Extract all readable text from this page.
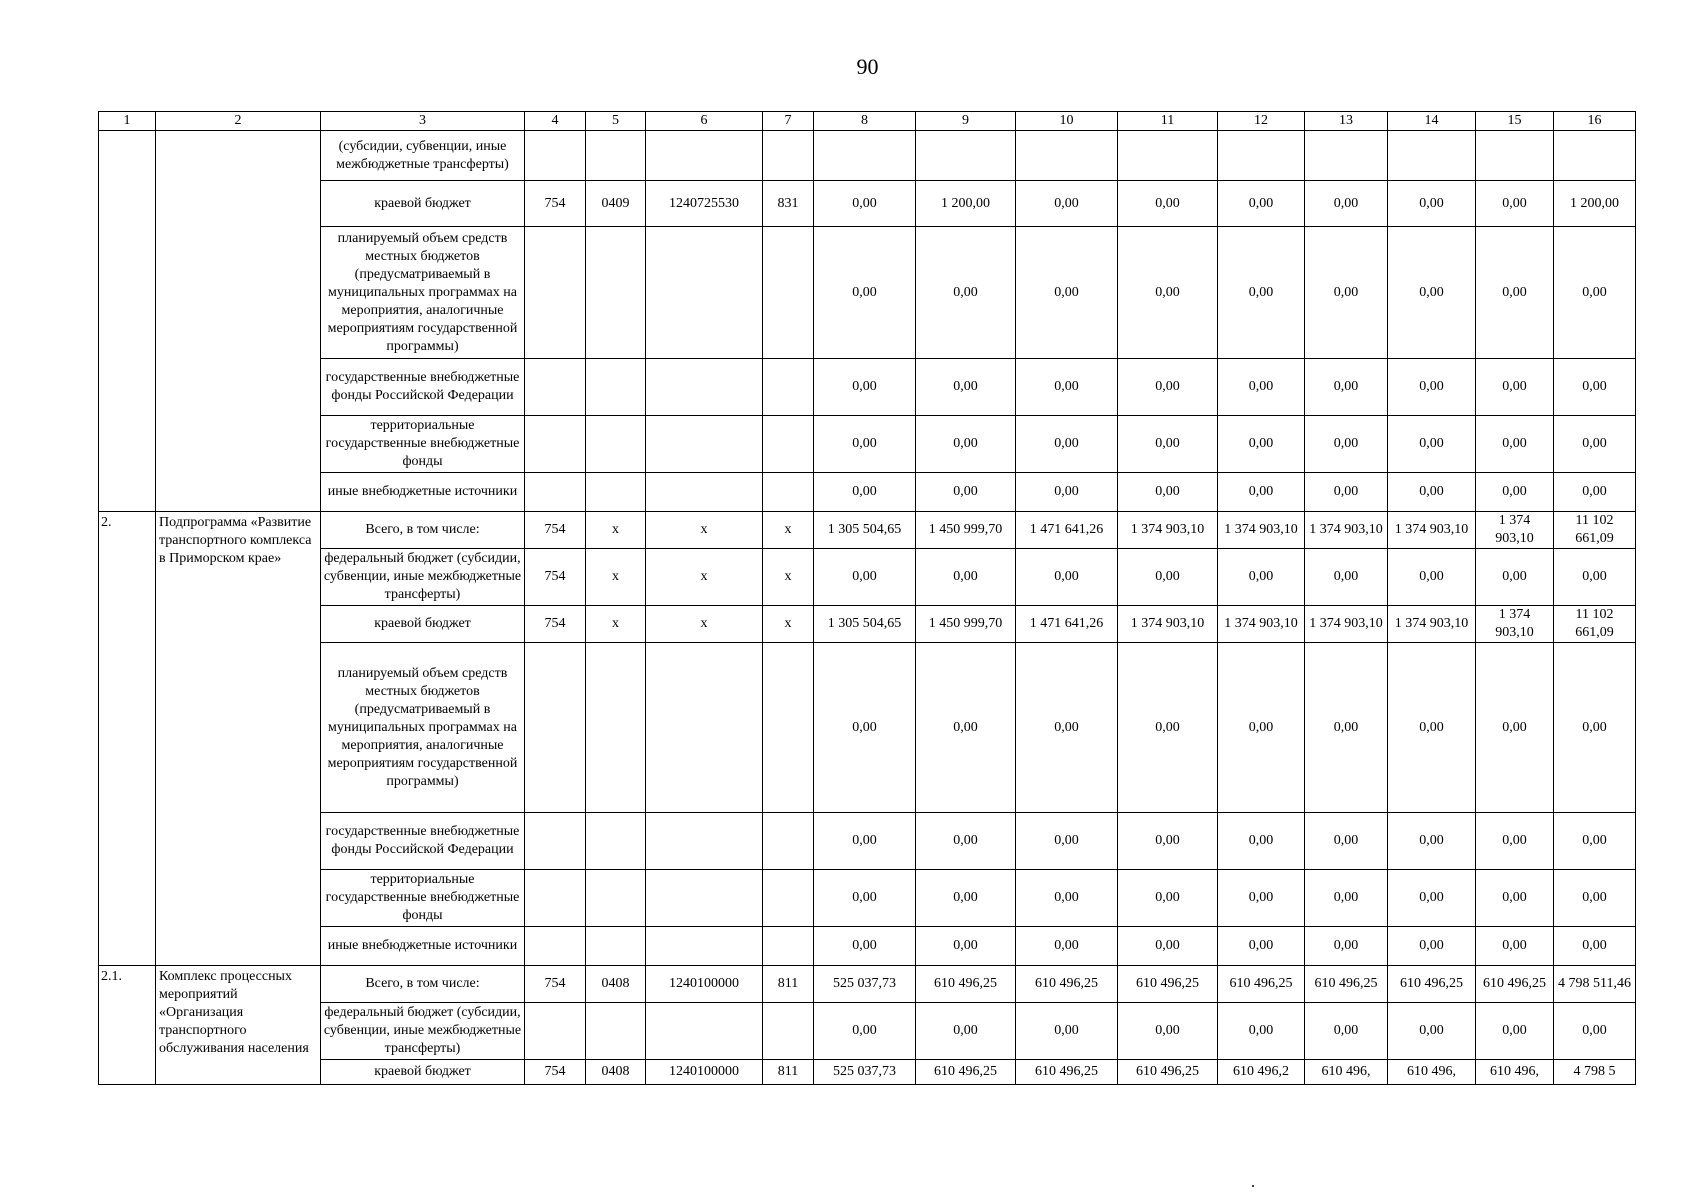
90
1	2	3	4	5	6	7	8	9	10	11	12	13	14	15	16
		(субсидии, субвенции, иные межбюджетные трансферты)													
		краевой бюджет	754	0409	1240725530	831	0,00	1 200,00	0,00	0,00	0,00	0,00	0,00	0,00	1 200,00
		планируемый объем средств местных бюджетов (предусматриваемый в муниципальных программах на мероприятия, аналогичные мероприятиям государственной программы)					0,00	0,00	0,00	0,00	0,00	0,00	0,00	0,00	0,00
		государственные внебюджетные фонды Российской Федерации					0,00	0,00	0,00	0,00	0,00	0,00	0,00	0,00	0,00
		территориальные государственные внебюджетные фонды					0,00	0,00	0,00	0,00	0,00	0,00	0,00	0,00	0,00
		иные внебюджетные источники					0,00	0,00	0,00	0,00	0,00	0,00	0,00	0,00	0,00
2.	Подпрограмма «Развитие транспортного комплекса в Приморском крае»	Всего, в том числе:	754	х	х	х	1 305 504,65	1 450 999,70	1 471 641,26	1 374 903,10	1 374 903,10	1 374 903,10	1 374 903,10	1 374 903,10	11 102 661,09
		федеральный бюджет (субсидии, субвенции, иные межбюджетные трансферты)	754	х	х	х	0,00	0,00	0,00	0,00	0,00	0,00	0,00	0,00	0,00
		краевой бюджет	754	х	х	х	1 305 504,65	1 450 999,70	1 471 641,26	1 374 903,10	1 374 903,10	1 374 903,10	1 374 903,10	1 374 903,10	11 102 661,09
		планируемый объем средств местных бюджетов (предусматриваемый в муниципальных программах на мероприятия, аналогичные мероприятиям государственной программы)					0,00	0,00	0,00	0,00	0,00	0,00	0,00	0,00	0,00
		государственные внебюджетные фонды Российской Федерации					0,00	0,00	0,00	0,00	0,00	0,00	0,00	0,00	0,00
		территориальные государственные внебюджетные фонды					0,00	0,00	0,00	0,00	0,00	0,00	0,00	0,00	0,00
		иные внебюджетные источники					0,00	0,00	0,00	0,00	0,00	0,00	0,00	0,00	0,00
2.1.	Комплекс процессных мероприятий «Организация транспортного обслуживания населения	Всего, в том числе:	754	0408	1240100000	811	525 037,73	610 496,25	610 496,25	610 496,25	610 496,25	610 496,25	610 496,25	610 496,25	4 798 511,46
		федеральный бюджет (субсидии, субвенции, иные межбюджетные трансферты)					0,00	0,00	0,00	0,00	0,00	0,00	0,00	0,00	0,00
		краевой бюджет	754	0408	1240100000	811	525 037,73	610 496,25	610 496,25	610 496,25	610 496,2	610 496,	610 496,	610 496,	4 798 5
